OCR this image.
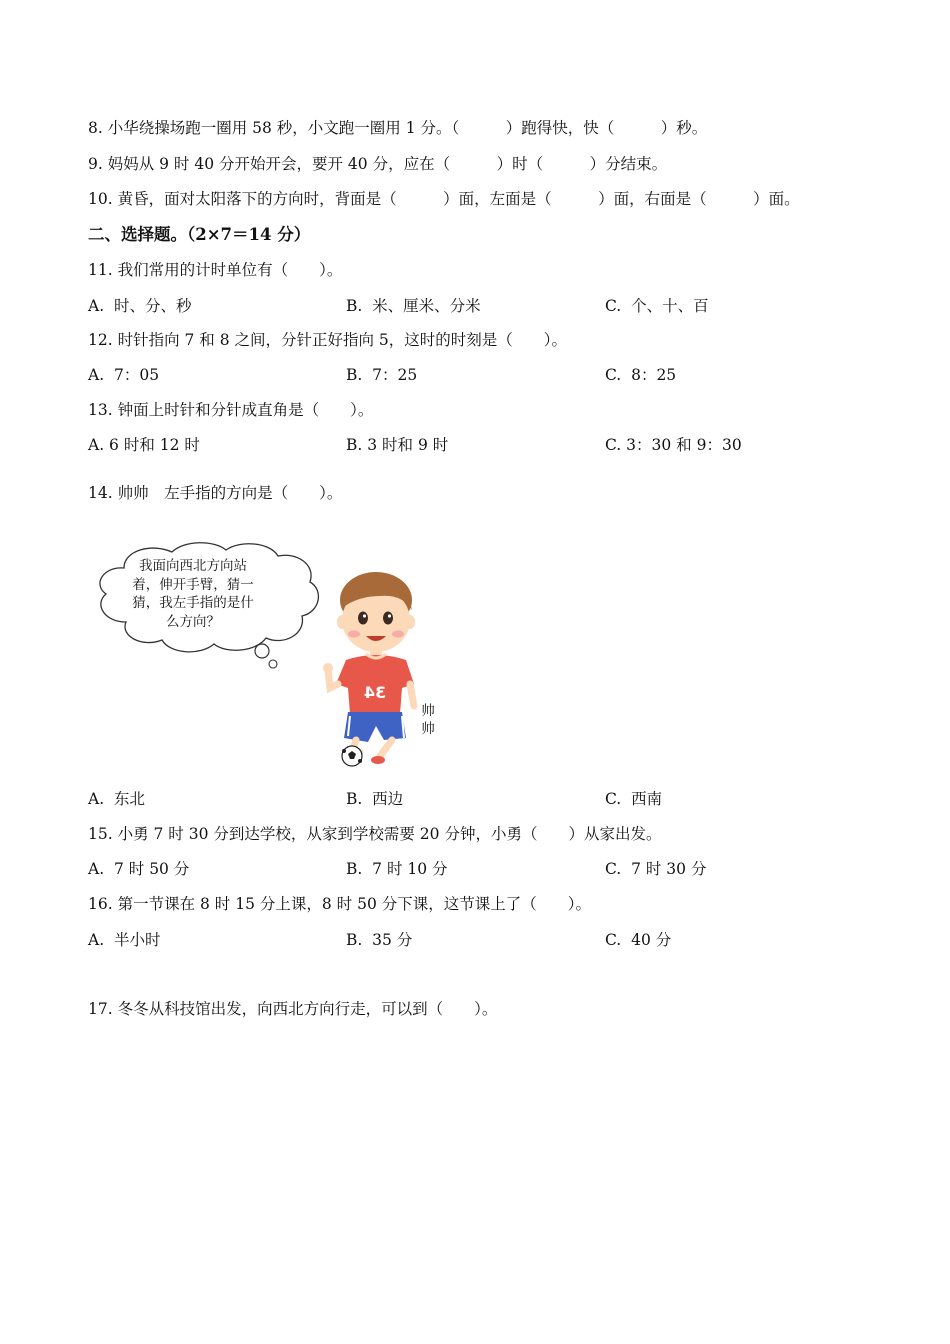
8. 小华绕操场跑一圈用 58 秒，小文跑一圈用 1 分。（　　　）跑得快，快（　　　）秒。
9. 妈妈从 9 时 40 分开始开会，要开 40 分，应在（　　　）时（　　　）分结束。
10. 黄昏，面对太阳落下的方向时，背面是（　　　）面，左面是（　　　）面，右面是（　　　）面。
二、选择题。（2×7＝14 分）
11. 我们常用的计时单位有（　　）。
A.  时、分、秒	B.  米、厘米、分米	C.  个、十、百
12. 时针指向 7 和 8 之间，分针正好指向 5，这时的时刻是（　　）。
A.  7：05	B.  7：25	C.  8：25
13. 钟面上时针和分针成直角是（　　）。
A. 6 时和 12 时	B. 3 时和 9 时	C. 3：30 和 9：30
14. 帅帅　左手指的方向是（　　）。
34
我面向西北方向站着，伸开手臂，猜一猜，我左手指的是什么方向？
帅帅
A.  东北	B.  西边	C.  西南
15. 小勇 7 时 30 分到达学校，从家到学校需要 20 分钟，小勇（　　）从家出发。
A.  7 时 50 分	B.  7 时 10 分	C.  7 时 30 分
16. 第一节课在 8 时 15 分上课，8 时 50 分下课，这节课上了（　　）。
A.  半小时	B.  35 分	C.  40 分
17. 冬冬从科技馆出发，向西北方向行走，可以到（　　）。
